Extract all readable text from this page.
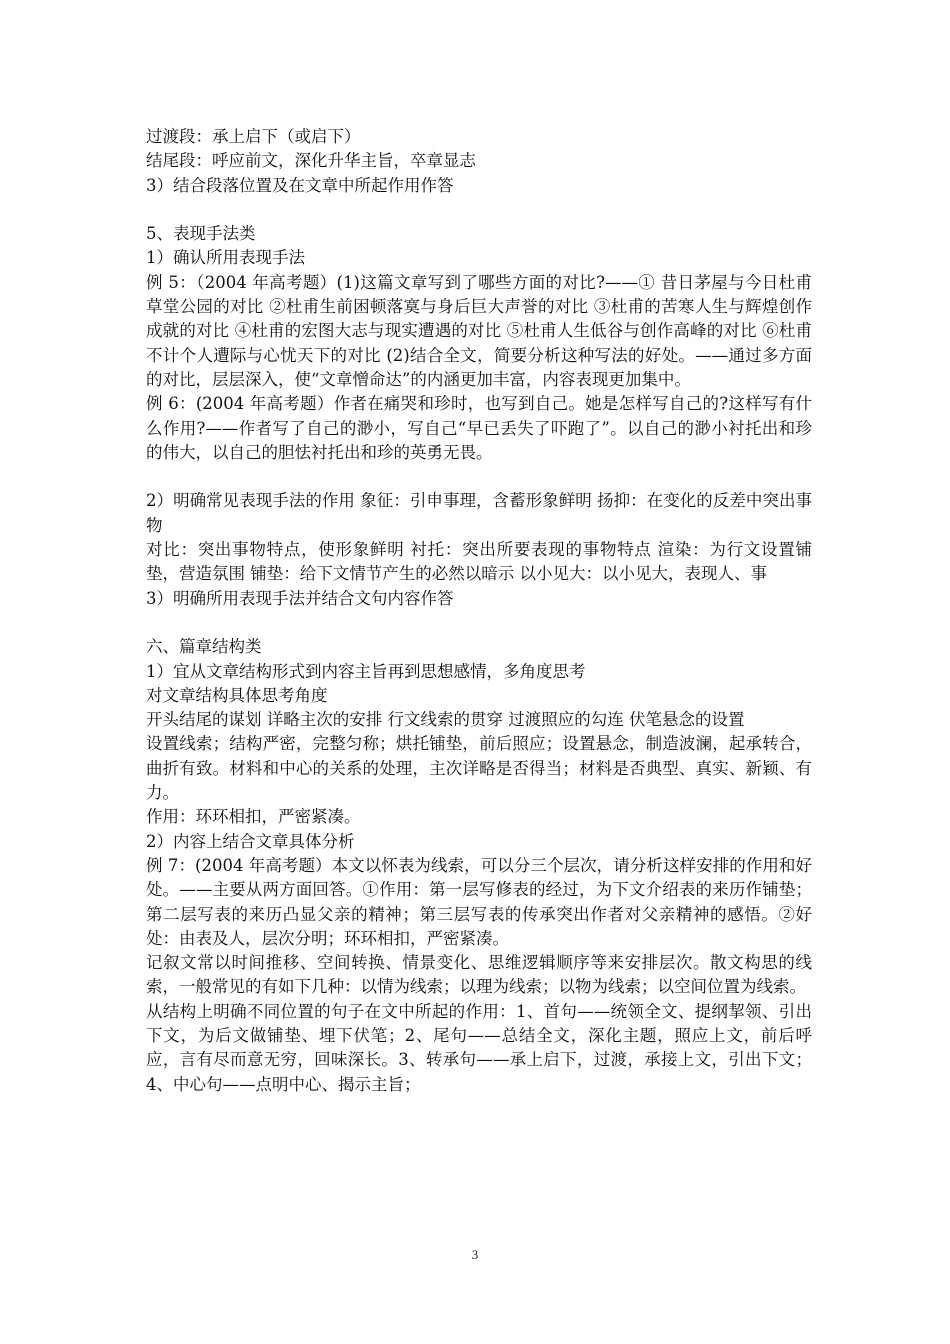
过渡段：承上启下（或启下）

结尾段：呼应前文，深化升华主旨，卒章显志

3）结合段落位置及在文章中所起作用作答

5、表现手法类

1）确认所用表现手法

例 5：（2004 年高考题）(1)这篇文章写到了哪些方面的对比?——① 昔日茅屋与今日杜甫草堂公园的对比 ②杜甫生前困顿落寞与身后巨大声誉的对比 ③杜甫的苦寒人生与辉煌创作成就的对比 ④杜甫的宏图大志与现实遭遇的对比 ⑤杜甫人生低谷与创作高峰的对比 ⑥杜甫不计个人遭际与心忧天下的对比 (2)结合全文，简要分析这种写法的好处。——通过多方面的对比，层层深入，使“文章憎命达”的内涵更加丰富，内容表现更加集中。

例 6：(2004 年高考题）作者在痛哭和珍时，也写到自己。她是怎样写自己的?这样写有什么作用?——作者写了自己的渺小，写自己“早已丢失了吓跑了”。以自己的渺小衬托出和珍的伟大，以自己的胆怯衬托出和珍的英勇无畏。

2）明确常见表现手法的作用 象征：引申事理，含蓄形象鲜明 扬抑：在变化的反差中突出事物

对比：突出事物特点，使形象鲜明 衬托：突出所要表现的事物特点 渲染：为行文设置铺垫，营造氛围 铺垫：给下文情节产生的必然以暗示 以小见大：以小见大，表现人、事

3）明确所用表现手法并结合文句内容作答

六、篇章结构类

1）宜从文章结构形式到内容主旨再到思想感情，多角度思考

对文章结构具体思考角度

开头结尾的谋划 详略主次的安排 行文线索的贯穿 过渡照应的勾连 伏笔悬念的设置

设置线索；结构严密，完整匀称；烘托铺垫，前后照应；设置悬念，制造波澜，起承转合，曲折有致。材料和中心的关系的处理，主次详略是否得当；材料是否典型、真实、新颖、有力。

作用：环环相扣，严密紧凑。

2）内容上结合文章具体分析

例 7：(2004 年高考题）本文以怀表为线索，可以分三个层次，请分析这样安排的作用和好处。——主要从两方面回答。①作用：第一层写修表的经过，为下文介绍表的来历作铺垫；第二层写表的来历凸显父亲的精神；第三层写表的传承突出作者对父亲精神的感悟。②好处：由表及人，层次分明；环环相扣，严密紧凑。

记叙文常以时间推移、空间转换、情景变化、思维逻辑顺序等来安排层次。散文构思的线索，一般常见的有如下几种：以情为线索；以理为线索；以物为线索；以空间位置为线索。

从结构上明确不同位置的句子在文中所起的作用：1、首句——统领全文、提纲挈领、引出下文，为后文做铺垫、埋下伏笔；2、尾句——总结全文，深化主题，照应上文，前后呼应，言有尽而意无穷，回味深长。3、转承句——承上启下，过渡，承接上文，引出下文；4、中心句——点明中心、揭示主旨；

3
